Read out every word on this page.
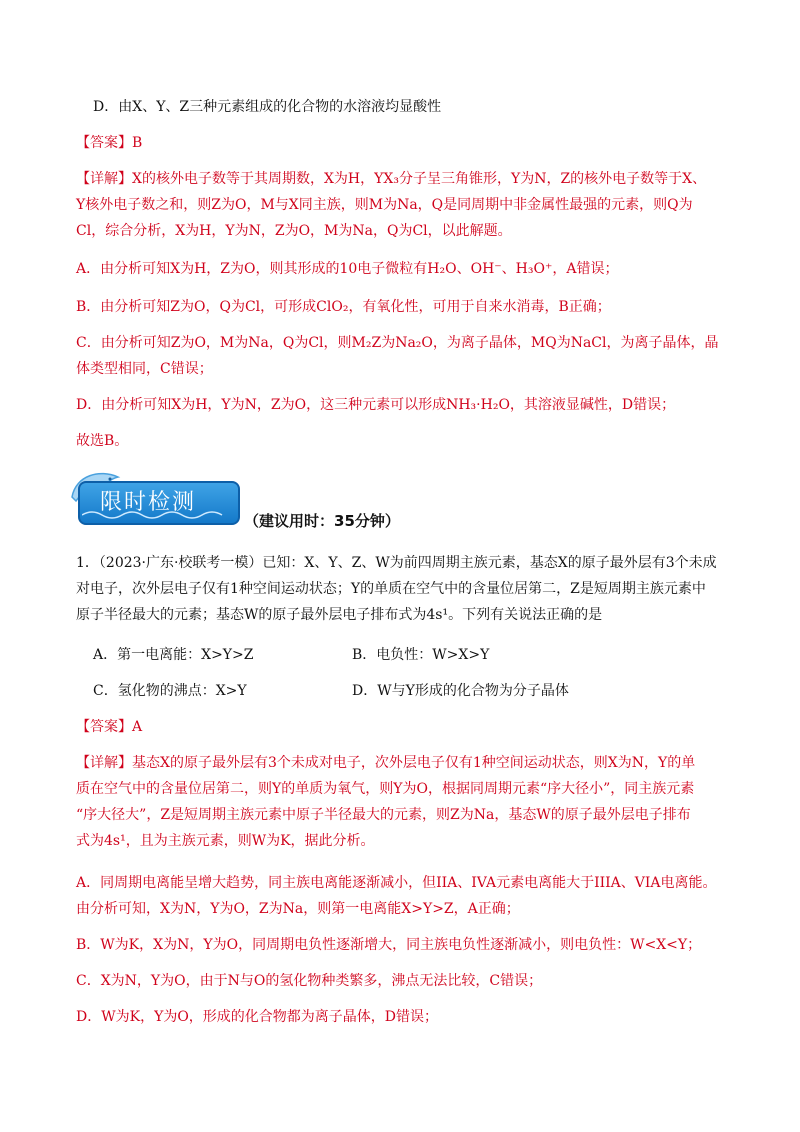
D．由X、Y、Z三种元素组成的化合物的水溶液均显酸性
【答案】B
【详解】X的核外电子数等于其周期数，X为H，YX₃分子呈三角锥形，Y为N，Z的核外电子数等于X、
Y核外电子数之和，则Z为O，M与X同主族，则M为Na，Q是同周期中非金属性最强的元素，则Q为
Cl，综合分析，X为H，Y为N，Z为O，M为Na，Q为Cl，以此解题。
A．由分析可知X为H，Z为O，则其形成的10电子微粒有H₂O、OH⁻、H₃O⁺，A错误；
B．由分析可知Z为O，Q为Cl，可形成ClO₂，有氧化性，可用于自来水消毒，B正确；
C．由分析可知Z为O，M为Na，Q为Cl，则M₂Z为Na₂O，为离子晶体，MQ为NaCl，为离子晶体，晶
体类型相同，C错误；
D．由分析可知X为H，Y为N，Z为O，这三种元素可以形成NH₃·H₂O，其溶液显碱性，D错误；
故选B。
限时检测
（建议用时：35分钟）
1．（2023·广东·校联考一模）已知：X、Y、Z、W为前四周期主族元素，基态X的原子最外层有3个未成
对电子，次外层电子仅有1种空间运动状态；Y的单质在空气中的含量位居第二，Z是短周期主族元素中
原子半径最大的元素；基态W的原子最外层电子排布式为4s¹。下列有关说法正确的是
A．第一电离能：X>Y>Z	B．电负性：W>X>Y
C．氢化物的沸点：X>Y	D．W与Y形成的化合物为分子晶体
【答案】A
【详解】基态X的原子最外层有3个未成对电子，次外层电子仅有1种空间运动状态，则X为N，Y的单
质在空气中的含量位居第二，则Y的单质为氧气，则Y为O，根据同周期元素“序大径小”，同主族元素
“序大径大”，Z是短周期主族元素中原子半径最大的元素，则Z为Na，基态W的原子最外层电子排布
式为4s¹，且为主族元素，则W为K，据此分析。
A．同周期电离能呈增大趋势，同主族电离能逐渐减小，但IIA、IVA元素电离能大于IIIA、VIA电离能。
由分析可知，X为N，Y为O，Z为Na，则第一电离能X>Y>Z，A正确；
B．W为K，X为N，Y为O，同周期电负性逐渐增大，同主族电负性逐渐减小，则电负性：W<X<Y；
C．X为N，Y为O，由于N与O的氢化物种类繁多，沸点无法比较，C错误；
D．W为K，Y为O，形成的化合物都为离子晶体，D错误；
